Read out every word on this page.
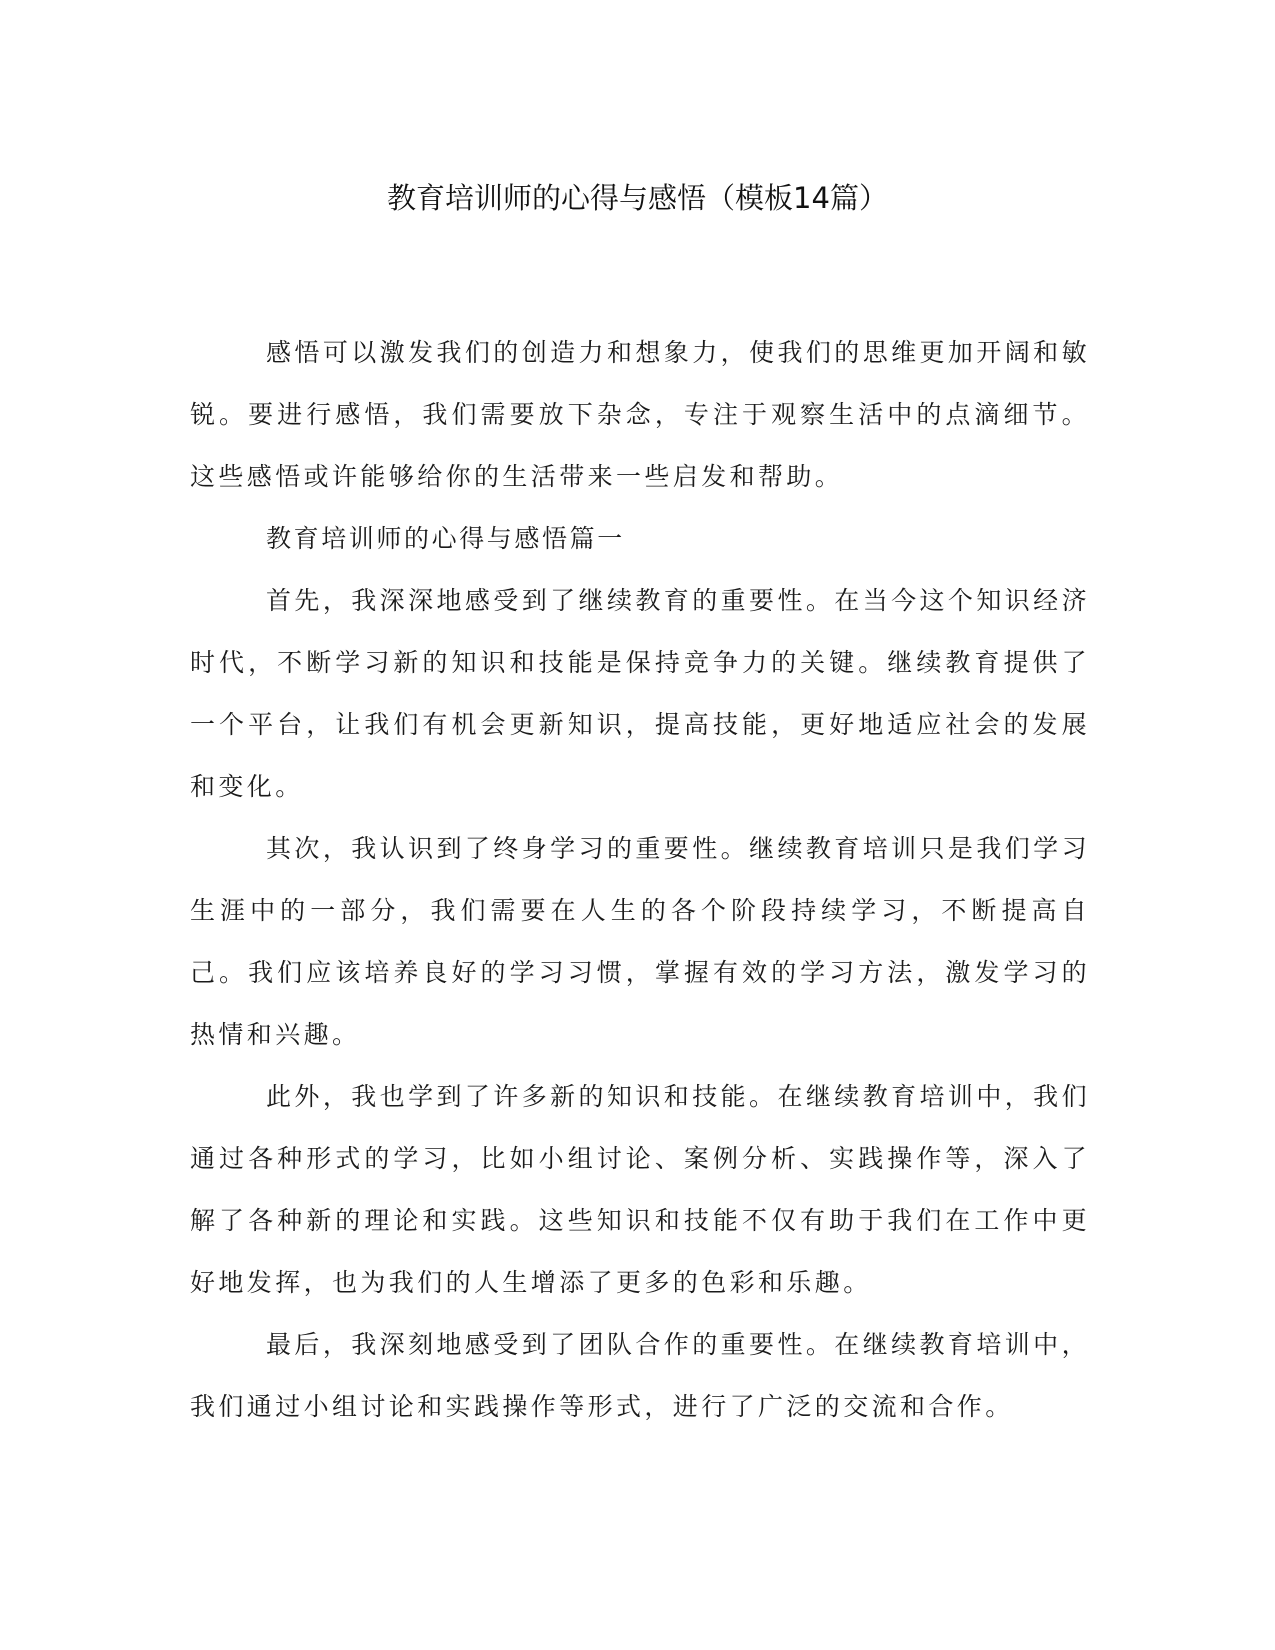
教育培训师的心得与感悟（模板14篇）

感悟可以激发我们的创造力和想象力，使我们的思维更加开阔和敏锐。要进行感悟，我们需要放下杂念，专注于观察生活中的点滴细节。这些感悟或许能够给你的生活带来一些启发和帮助。

教育培训师的心得与感悟篇一

首先，我深深地感受到了继续教育的重要性。在当今这个知识经济时代，不断学习新的知识和技能是保持竞争力的关键。继续教育提供了一个平台，让我们有机会更新知识，提高技能，更好地适应社会的发展和变化。

其次，我认识到了终身学习的重要性。继续教育培训只是我们学习生涯中的一部分，我们需要在人生的各个阶段持续学习，不断提高自己。我们应该培养良好的学习习惯，掌握有效的学习方法，激发学习的热情和兴趣。

此外，我也学到了许多新的知识和技能。在继续教育培训中，我们通过各种形式的学习，比如小组讨论、案例分析、实践操作等，深入了解了各种新的理论和实践。这些知识和技能不仅有助于我们在工作中更好地发挥，也为我们的人生增添了更多的色彩和乐趣。

最后，我深刻地感受到了团队合作的重要性。在继续教育培训中，我们通过小组讨论和实践操作等形式，进行了广泛的交流和合作。
